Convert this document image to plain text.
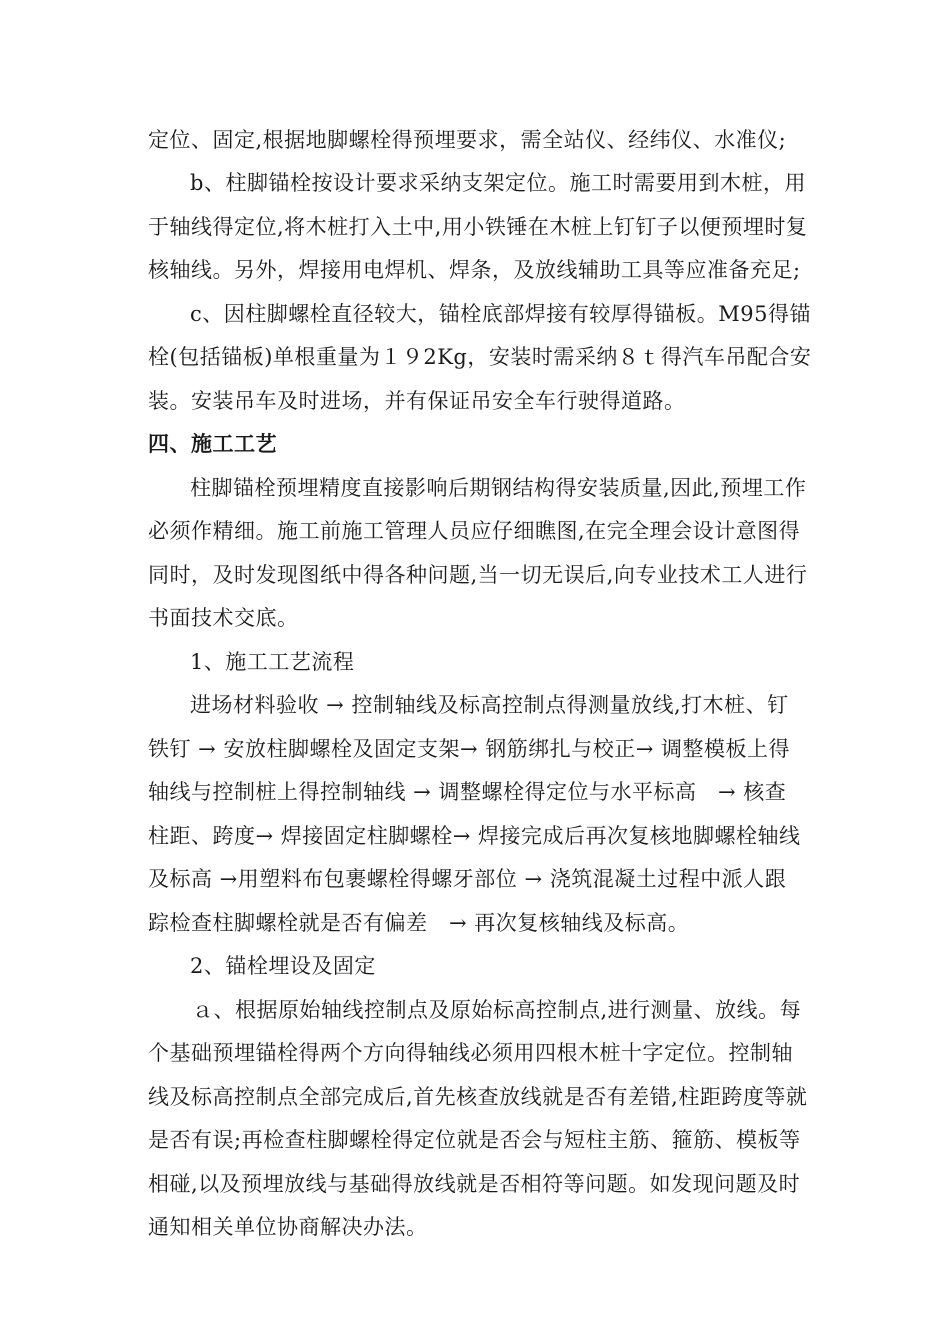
定位、固定,根据地脚螺栓得预埋要求，需全站仪、经纬仪、水准仪;
b、柱脚锚栓按设计要求采纳支架定位。施工时需要用到木桩，用
于轴线得定位,将木桩打入土中,用小铁锤在木桩上钉钉子以便预埋时复
核轴线。另外，焊接用电焊机、焊条，及放线辅助工具等应准备充足;
c、因柱脚螺栓直径较大，锚栓底部焊接有较厚得锚板。M95得锚
栓(包括锚板)单根重量为１９2Kg，安装时需采纳８ｔ得汽车吊配合安
装。安装吊车及时进场，并有保证吊安全车行驶得道路。
四、施工工艺
柱脚锚栓预埋精度直接影响后期钢结构得安装质量,因此,预埋工作
必须作精细。施工前施工管理人员应仔细瞧图,在完全理会设计意图得
同时，及时发现图纸中得各种问题,当一切无误后,向专业技术工人进行
书面技术交底。
1、施工工艺流程
进场材料验收 → 控制轴线及标高控制点得测量放线,打木桩、钉
铁钉 → 安放柱脚螺栓及固定支架→ 钢筋绑扎与校正→ 调整模板上得
轴线与控制桩上得控制轴线 → 调整螺栓得定位与水平标高　→ 核查
柱距、跨度→ 焊接固定柱脚螺栓→ 焊接完成后再次复核地脚螺栓轴线
及标高 →用塑料布包裹螺栓得螺牙部位 → 浇筑混凝土过程中派人跟
踪检查柱脚螺栓就是否有偏差　→ 再次复核轴线及标高。
2、锚栓埋设及固定
ａ、根据原始轴线控制点及原始标高控制点,进行测量、放线。每
个基础预埋锚栓得两个方向得轴线必须用四根木桩十字定位。控制轴
线及标高控制点全部完成后,首先核查放线就是否有差错,柱距跨度等就
是否有误;再检查柱脚螺栓得定位就是否会与短柱主筋、箍筋、模板等
相碰,以及预埋放线与基础得放线就是否相符等问题。如发现问题及时
通知相关单位协商解决办法。
